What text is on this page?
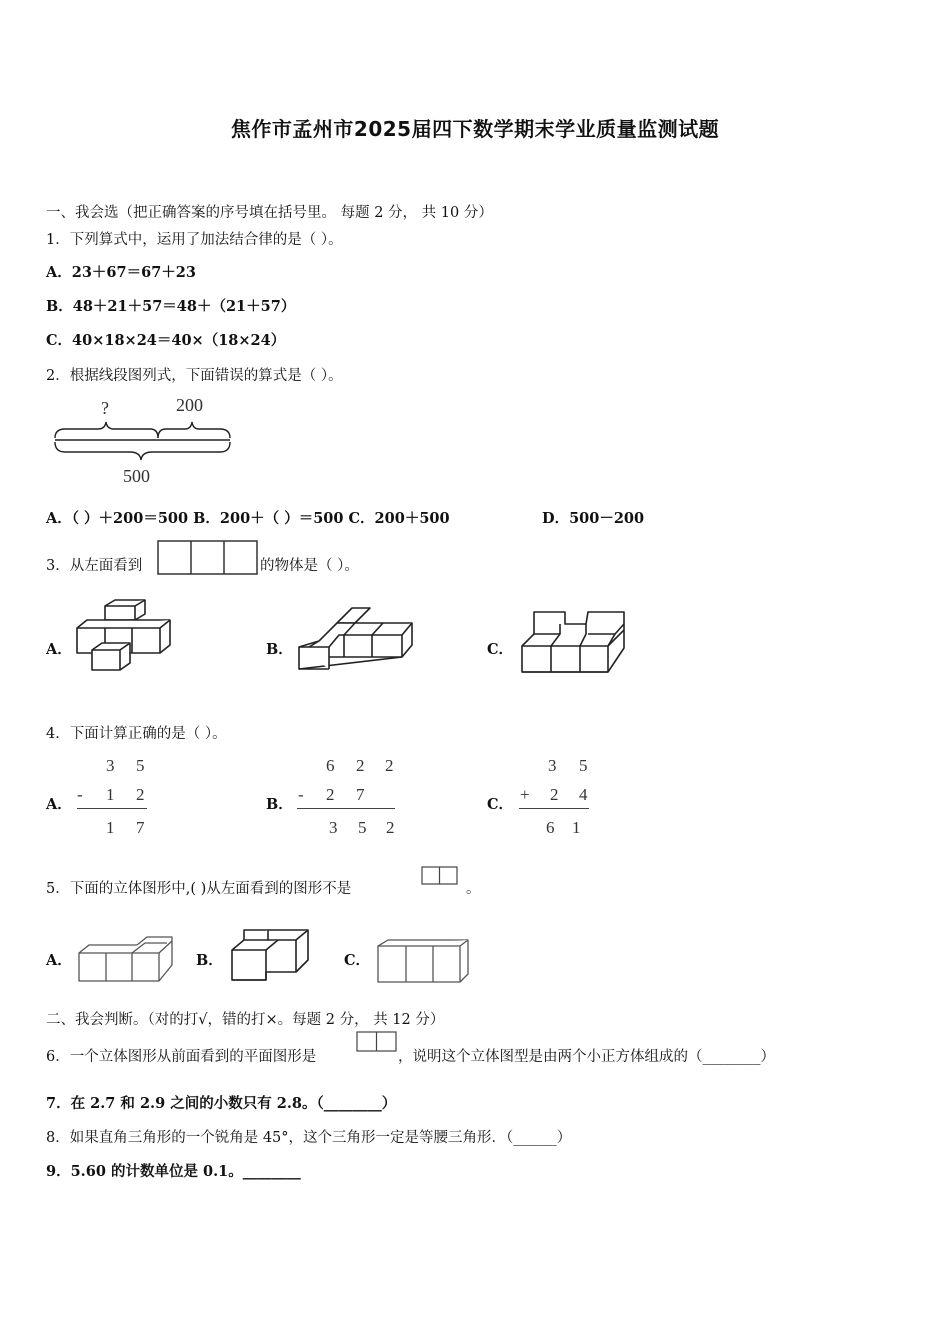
焦作市孟州市2025届四下数学期末学业质量监测试题
一、我会选（把正确答案的序号填在括号里。 每题 2 分， 共 10 分）
1．下列算式中，运用了加法结合律的是（ ）。
A．23＋67＝67＋23
B．48＋21＋57＝48＋（21＋57）
C．40×18×24＝40×（18×24）
2．根据线段图列式，下面错误的算式是（ ）。
?	200
500
A．（ ）＋200＝500 B．200＋（ ）＝500 C．200＋500	D．500－200
3．从左面看到	的物体是（ ）。
A．	B．	C．
4．下面计算正确的是（ ）。
A．
3 5
- 1 2
1 7
B．
6 2 2
- 2 7
3 5 2
C．
3 5
+ 2 4
6 1
5．下面的立体图形中,( )从左面看到的图形不是	。
A．	B．	C．
二、我会判断。（对的打√，错的打×。每题 2 分， 共 12 分）
6．一个立体图形从前面看到的平面图形是	，说明这个立体图型是由两个小正方体组成的（________）
7．在 2.7 和 2.9 之间的小数只有 2.8。（________）
8．如果直角三角形的一个锐角是 45°，这个三角形一定是等腰三角形．（______）
9．5.60 的计数单位是 0.1。________
